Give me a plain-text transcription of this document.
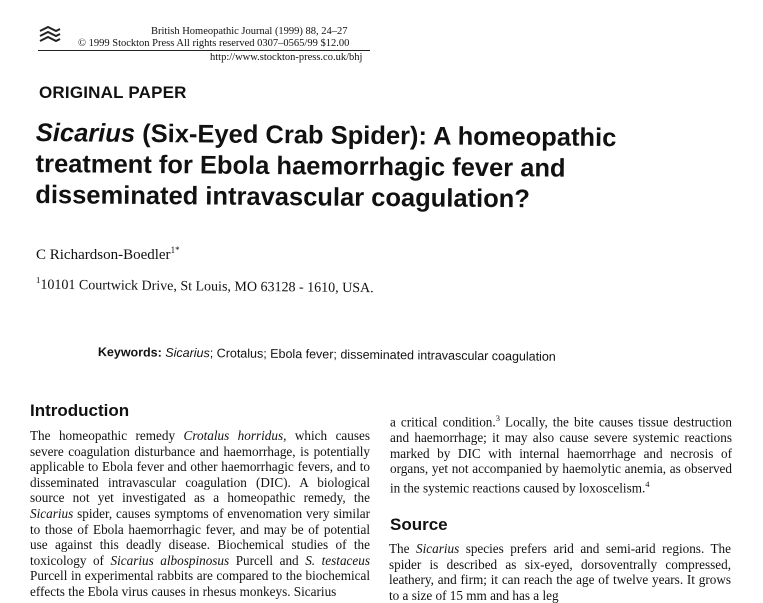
British Homeopathic Journal (1999) 88, 24–27
© 1999 Stockton Press All rights reserved 0307–0565/99 $12.00
http://www.stockton-press.co.uk/bhj
ORIGINAL PAPER
Sicarius (Six-Eyed Crab Spider): A homeopathic treatment for Ebola haemorrhagic fever and disseminated intravascular coagulation?
C Richardson-Boedler$^{1*}$
$^1$10101 Courtwick Drive, St Louis, MO 63128 - 1610, USA.
Keywords: Sicarius; Crotalus; Ebola fever; disseminated intravascular coagulation
Introduction
The homeopathic remedy Crotalus horridus, which causes severe coagulation disturbance and haemorrhage, is potentially applicable to Ebola fever and other haemorrhagic fevers, and to disseminated intravascular coagulation (DIC). A biological source not yet investigated as a homeopathic remedy, the Sicarius spider, causes symptoms of envenomation very similar to those of Ebola haemorrhagic fever, and may be of potential use against this deadly disease. Biochemical studies of the toxicology of Sicarius albospinosus Purcell and S. testaceus Purcell in experimental rabbits are compared to the biochemical effects the Ebola virus causes in rhesus monkeys. Sicarius
a critical condition.$^3$ Locally, the bite causes tissue destruction and haemorrhage; it may also cause severe systemic reactions marked by DIC with internal haemorrhage and necrosis of organs, yet not accompanied by haemolytic anemia, as observed in the systemic reactions caused by loxoscelism.$^4$
Source
The Sicarius species prefers arid and semi-arid regions. The spider is described as six-eyed, dorsoventrally compressed, leathery, and firm; it can reach the age of twelve years. It grows to a size of 15 mm and has a leg
